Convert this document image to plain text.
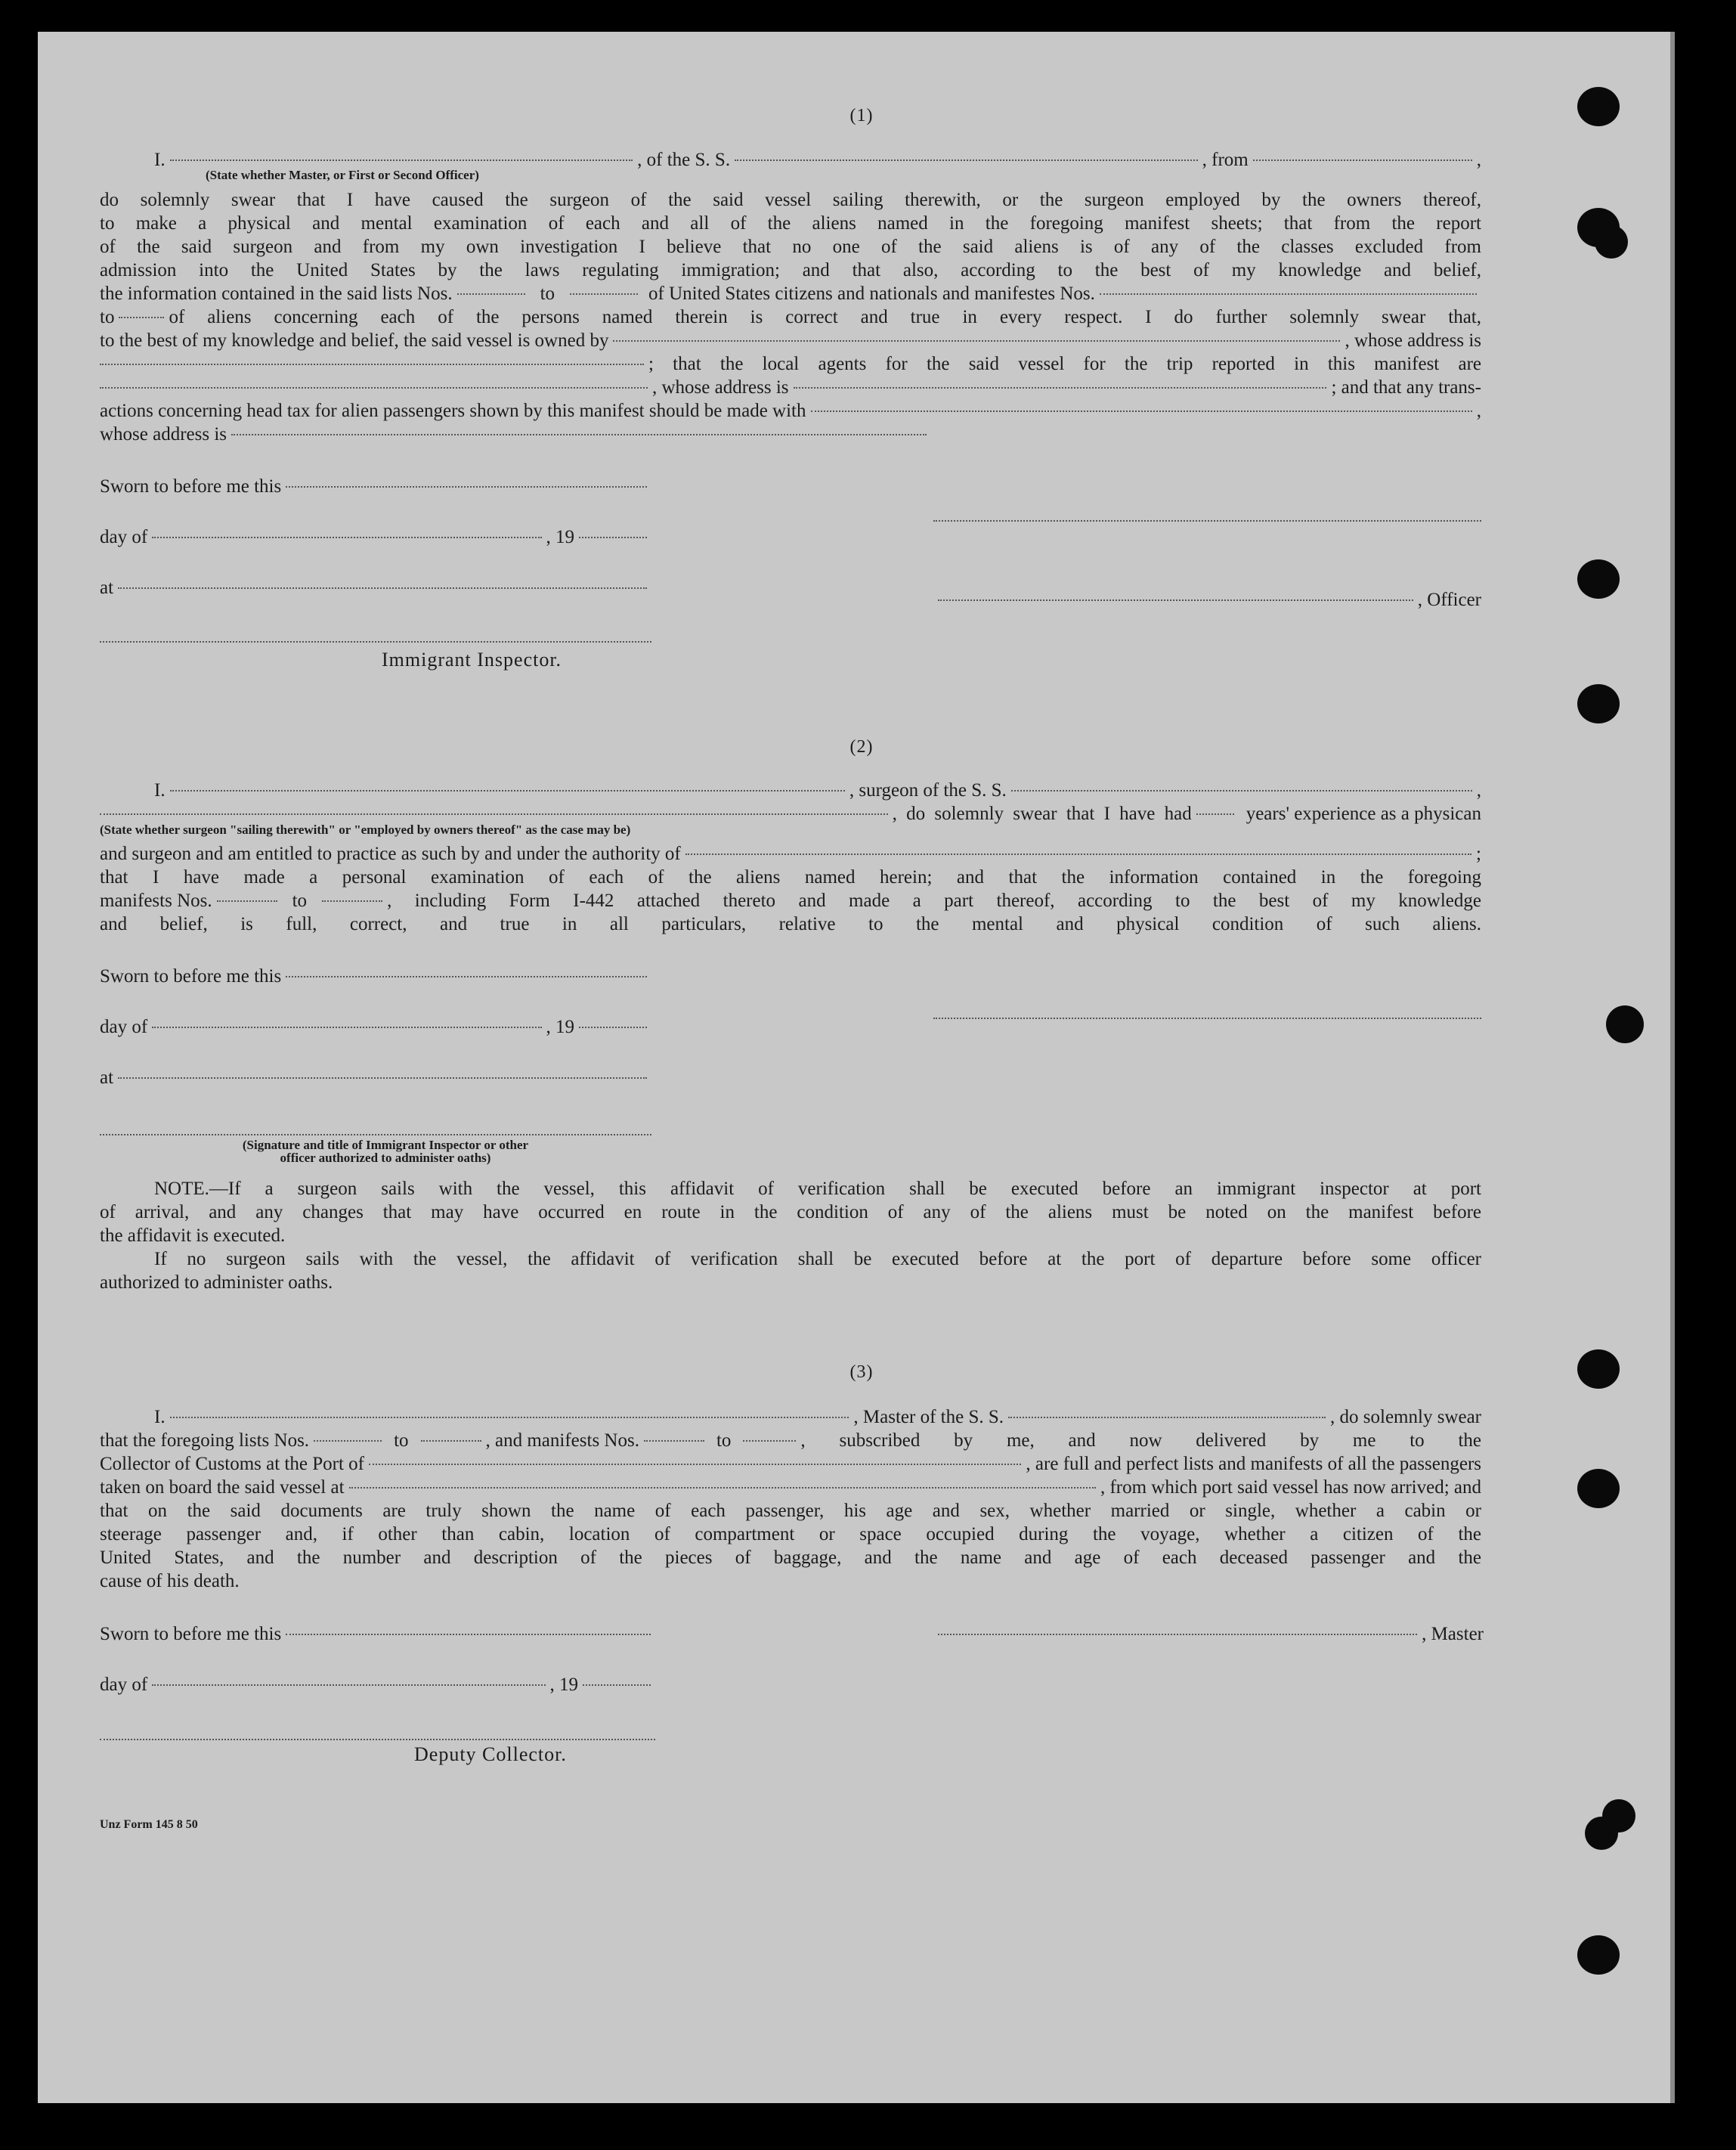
(1)
I.	, of the S. S.	, from	,
(State whether Master, or First or Second Officer)
do solemnly swear that I have caused the surgeon of the said vessel sailing therewith, or the surgeon employed by the owners thereof,
to make a physical and mental examination of each and all of the aliens named in the foregoing manifest sheets; that from the report
of the said surgeon and from my own investigation I believe that no one of the said aliens is of any of the classes excluded from
admission into the United States by the laws regulating immigration; and that also, according to the best of my knowledge and belief,
the information contained in the said lists Nos.	to	of United States citizens and nationals and manifestes Nos.
to	of aliens concerning each of the persons named therein is correct and true in every respect. I do further solemnly swear that,
to the best of my knowledge and belief, the said vessel is owned by	, whose address is
; that the local agents for the said vessel for the trip reported in this manifest are
, whose address is	; and that any trans-
actions concerning head tax for alien passengers shown by this manifest should be made with	,
whose address is
Sworn to before me this
day of	, 19
at
Immigrant Inspector.
, Officer
(2)
I.	, surgeon of the S. S.	,
, do solemnly swear that I have had	years' experience as a physican
(State whether surgeon "sailing therewith" or "employed by owners thereof" as the case may be)
and surgeon and am entitled to practice as such by and under the authority of	;
that I have made a personal examination of each of the aliens named herein; and that the information contained in the foregoing
manifests Nos.	to	, including Form I-442 attached thereto and made a part thereof, according to the best of my knowledge
and belief, is full, correct, and true in all particulars, relative to the mental and physical condition of such aliens.
Sworn to before me this
day of	, 19
at
(Signature and title of Immigrant Inspector or other
officer authorized to administer oaths)
NOTE.—If a surgeon sails with the vessel, this affidavit of verification shall be executed before an immigrant inspector at port
of arrival, and any changes that may have occurred en route in the condition of any of the aliens must be noted on the manifest before
the affidavit is executed.
If no surgeon sails with the vessel, the affidavit of verification shall be executed before at the port of departure before some officer
authorized to administer oaths.
(3)
I.	, Master of the S. S.	, do solemnly swear
that the foregoing lists Nos.	to	, and manifests Nos.	to	, subscribed by me, and now delivered by me to the
Collector of Customs at the Port of	, are full and perfect lists and manifests of all the passengers
taken on board the said vessel at	, from which port said vessel has now arrived; and
that on the said documents are truly shown the name of each passenger, his age and sex, whether married or single, whether a cabin or
steerage passenger and, if other than cabin, location of compartment or space occupied during the voyage, whether a citizen of the
United States, and the number and description of the pieces of baggage, and the name and age of each deceased passenger and the
cause of his death.
Sworn to before me this
day of	, 19
, Master
Deputy Collector.
Unz Form 145 8 50
